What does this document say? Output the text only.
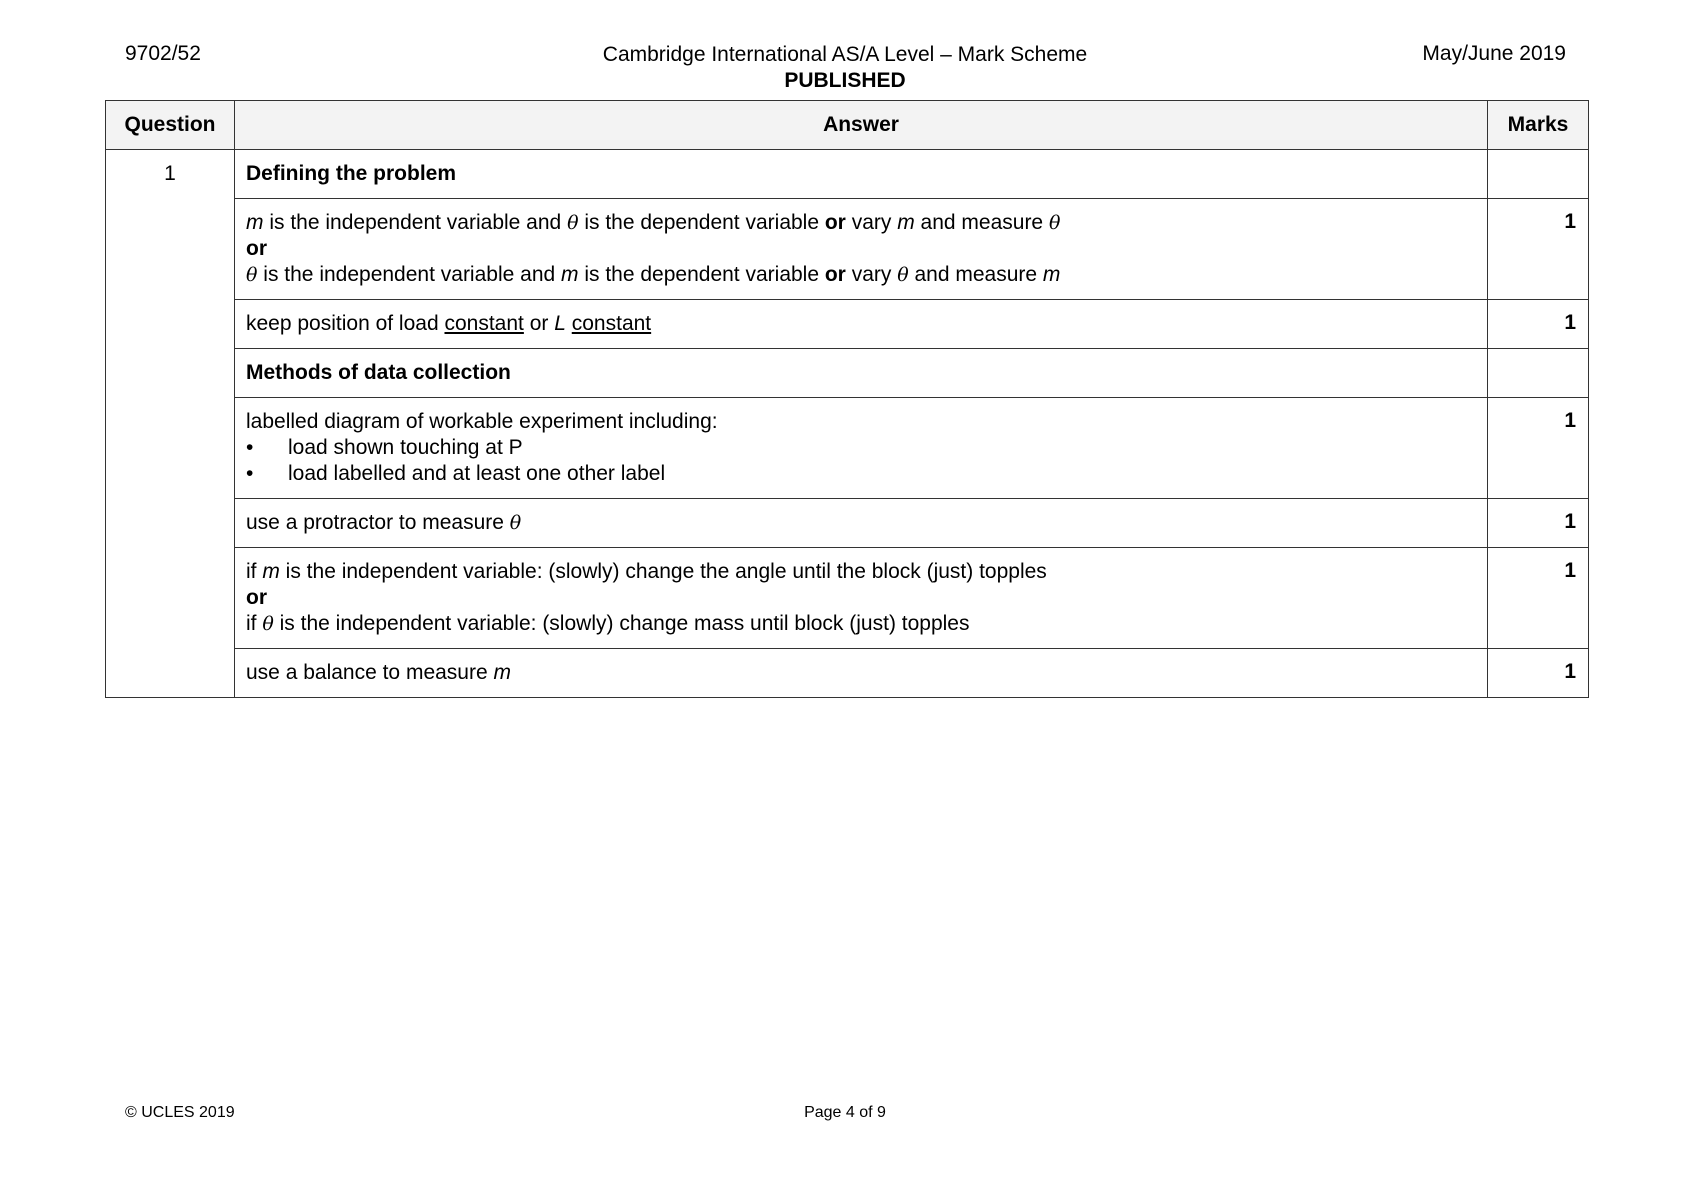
9702/52	Cambridge International AS/A Level – Mark Scheme
PUBLISHED
May/June 2019
Question	Answer	Marks
1	Defining the problem	

	m is the independent variable and θ is the dependent variable or vary m and measure θ
or
θ is the independent variable and m is the dependent variable or vary θ and measure m	1
	keep position of load constant or L constant	1
	Methods of data collection	

	labelled diagram of workable experiment including:
• load shown touching at P
• load labelled and at least one other label	1
	use a protractor to measure θ	1

	if m is the independent variable: (slowly) change the angle until the block (just) topples
or
if θ is the independent variable: (slowly) change mass until block (just) topples	1
	use a balance to measure m	1
© UCLES 2019	Page 4 of 9
